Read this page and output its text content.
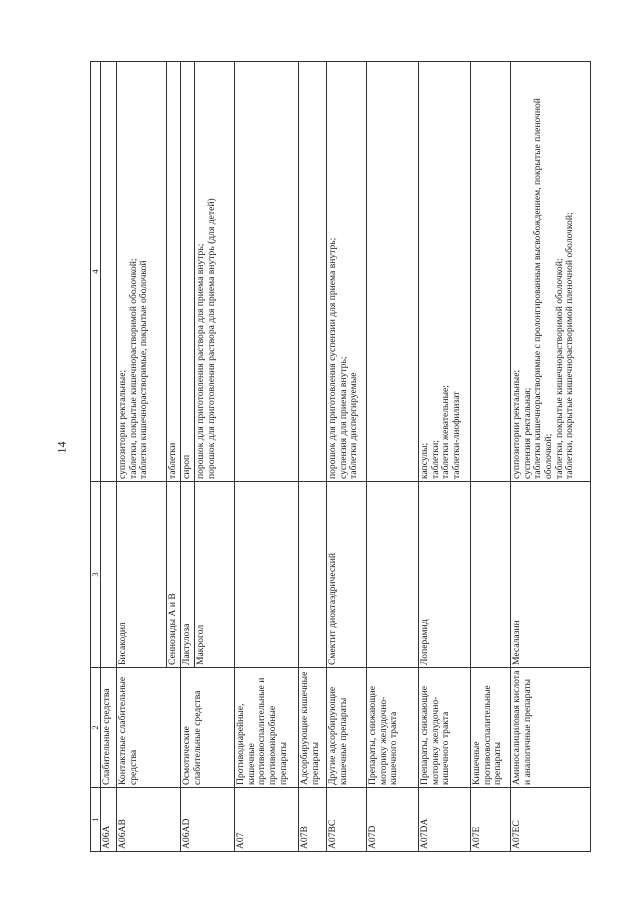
14
1	2	3	4
A06A	Слабительные средства		
A06AB	Контактные слабительные средства	Бисакодил	суппозитории ректальные;
таблетки, покрытые кишечнорастворимой оболочкой;
таблетки кишечнорастворимые, покрытые оболочкой
		Сеннозиды А и В	таблетки
A06AD	Осмотические слабительные средства	Лактулоза	сироп
		Макрогол	порошок для приготовления раствора для приема внутрь;
порошок для приготовления раствора для приема внутрь (для детей)
A07	Противодиарейные, кишечные противовоспалительные и противомикробные препараты		
A07B	Адсорбирующие кишечные препараты		
A07BC	Другие адсорбирующие кишечные препараты	Смектит диоктаэдрический	порошок для приготовления суспензии для приема внутрь;
суспензия для приема внутрь;
таблетки диспергируемые
A07D	Препараты, снижающие моторику желудочно-кишечного тракта		
A07DA	Препараты, снижающие моторику желудочно-кишечного тракта	Лоперамид	капсулы;
таблетки;
таблетки жевательные;
таблетки-лиофилизат
A07E	Кишечные противовоспалительные препараты		
A07EC	Аминосалициловая кислота и аналогичные препараты	Месалазин	суппозитории ректальные;
суспензия ректальная;
таблетки кишечнорастворимые с пролонгированным высвобождением, покрытые пленочной оболочкой;
таблетки, покрытые кишечнорастворимой оболочкой;
таблетки, покрытые кишечнорастворимой пленочной оболочкой;
